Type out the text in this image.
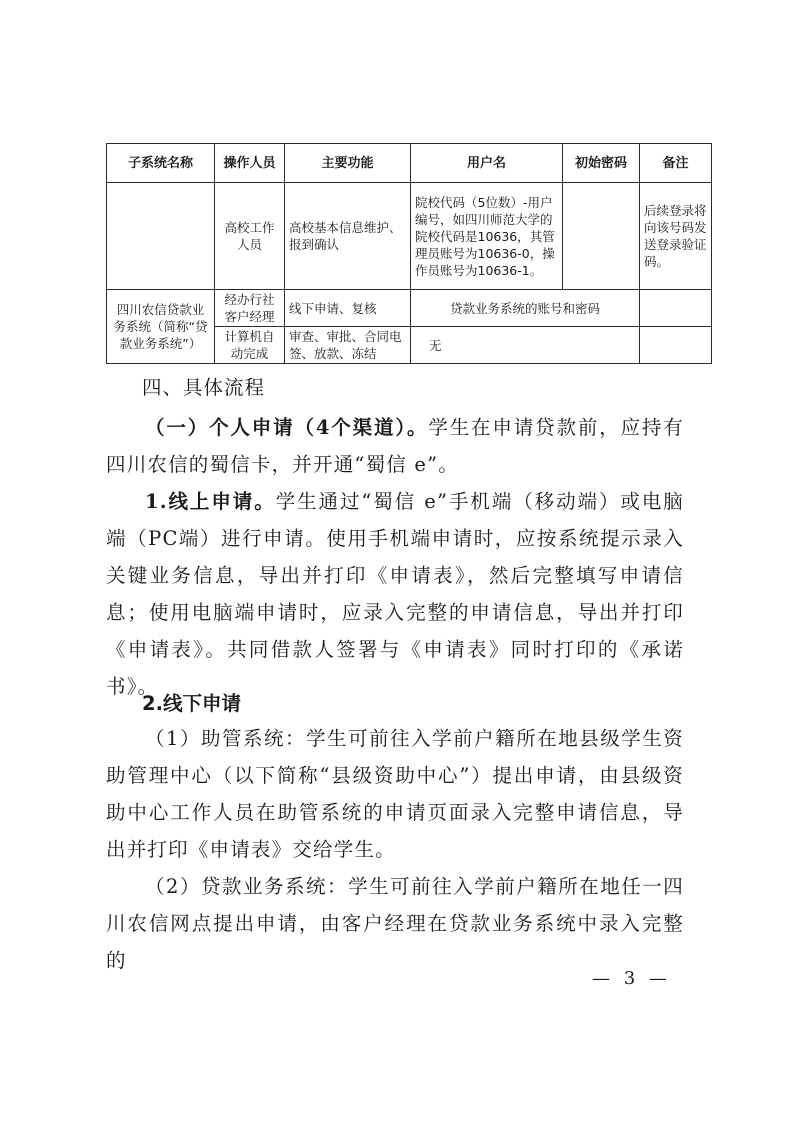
子系统名称	操作人员	主要功能	用户名	初始密码	备注
	高校工作人员	高校基本信息维护、报到确认	院校代码（5位数）-用户编号，如四川师范大学的院校代码是10636，其管理员账号为10636-0，操作员账号为10636-1。		后续登录将向该号码发送登录验证码。
四川农信贷款业务系统（简称“贷款业务系统”）	经办行社客户经理	线下申请、复核	贷款业务系统的账号和密码		
	计算机自动完成	审查、审批、合同电签、放款、冻结	无		
四、具体流程

（一）个人申请（4个渠道）。学生在申请贷款前，应持有四川农信的蜀信卡，并开通“蜀信 e”。

1.线上申请。学生通过“蜀信 e”手机端（移动端）或电脑端（PC端）进行申请。使用手机端申请时，应按系统提示录入关键业务信息，导出并打印《申请表》，然后完整填写申请信息；使用电脑端申请时，应录入完整的申请信息，导出并打印《申请表》。共同借款人签署与《申请表》同时打印的《承诺书》。

2.线下申请

（1）助管系统：学生可前往入学前户籍所在地县级学生资助管理中心（以下简称“县级资助中心”）提出申请，由县级资助中心工作人员在助管系统的申请页面录入完整申请信息，导出并打印《申请表》交给学生。

（2）贷款业务系统：学生可前往入学前户籍所在地任一四川农信网点提出申请，由客户经理在贷款业务系统中录入完整的

— 3 —
